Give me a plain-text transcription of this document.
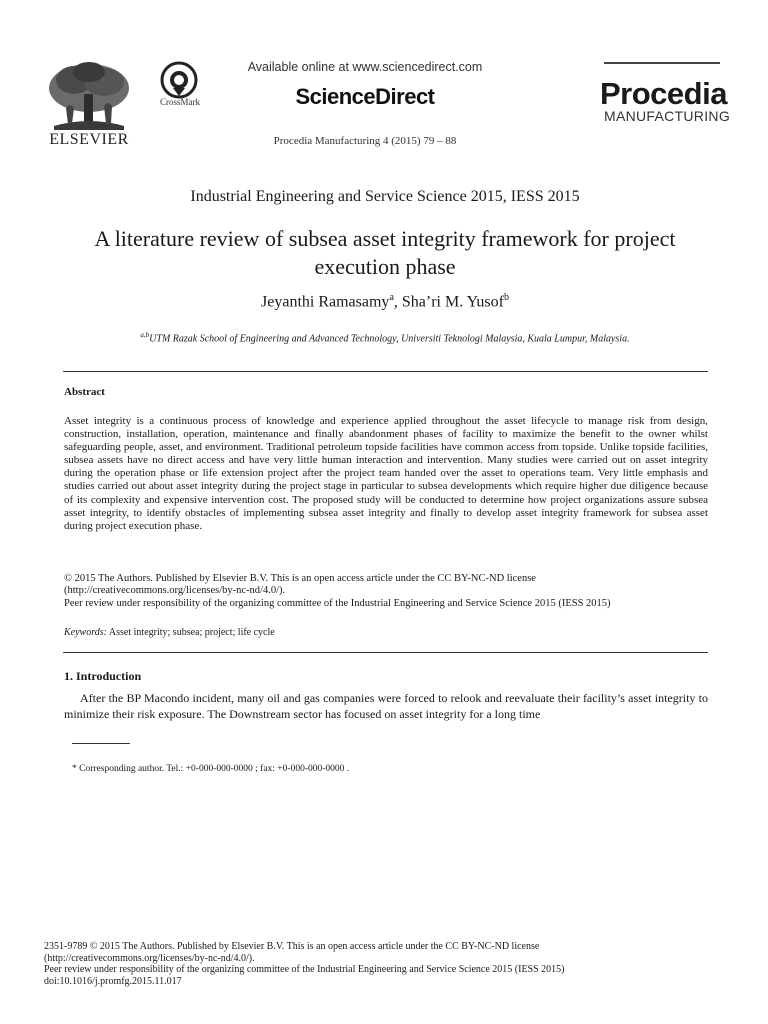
ELSEVIER
CrossMark
Available online at www.sciencedirect.com
ScienceDirect
Procedia Manufacturing 4 (2015) 79 – 88
Procedia
MANUFACTURING
Industrial Engineering and Service Science 2015, IESS 2015
A literature review of subsea asset integrity framework for project execution phase
Jeyanthi Ramasamy$^a$, Sha’ri M. Yusof$^b$
$^{a,b}$UTM Razak School of Engineering and Advanced Technology, Universiti Teknologi Malaysia, Kuala Lumpur, Malaysia.
Abstract
Asset integrity is a continuous process of knowledge and experience applied throughout the asset lifecycle to manage risk from design, construction, installation, operation, maintenance and finally abandonment phases of facility to maximize the benefit to the owner whilst safeguarding people, asset, and environment. Traditional petroleum topside facilities have common access from topside. Unlike topside facilities, subsea assets have no direct access and have very little human interaction and intervention. Many studies were carried out on asset integrity during the operation phase or life extension project after the project team handed over the asset to operations team. Very little emphasis and studies carried out about asset integrity during the project stage in particular to subsea developments which require higher due diligence because of its complexity and expensive intervention cost. The proposed study will be conducted to determine how project organizations assure subsea asset integrity, to identify obstacles of implementing subsea asset integrity and finally to develop asset integrity framework for subsea asset during project execution phase.
© 2015 The Authors. Published by Elsevier B.V. This is an open access article under the CC BY-NC-ND license
(http://creativecommons.org/licenses/by-nc-nd/4.0/).
Peer review under responsibility of the organizing committee of the Industrial Engineering and Service Science 2015 (IESS 2015)
Keywords: Asset integrity; subsea; project; life cycle
1. Introduction
After the BP Macondo incident, many oil and gas companies were forced to relook and reevaluate their facility’s asset integrity to minimize their risk exposure. The Downstream sector has focused on asset integrity for a long time
* Corresponding author. Tel.: +0-000-000-0000 ; fax: +0-000-000-0000 .
2351-9789 © 2015 The Authors. Published by Elsevier B.V. This is an open access article under the CC BY-NC-ND license
(http://creativecommons.org/licenses/by-nc-nd/4.0/).
Peer review under responsibility of the organizing committee of the Industrial Engineering and Service Science 2015 (IESS 2015)
doi:10.1016/j.promfg.2015.11.017
